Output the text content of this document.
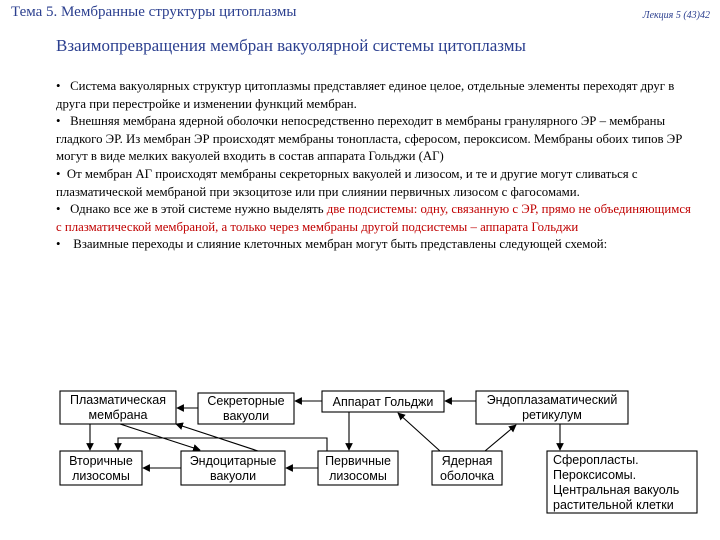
Тема 5. Мембранные структуры цитоплазмы	Лекция 5 (43)42
Взаимопревращения мембран вакуолярной системы цитоплазмы

• Система вакуолярных структур цитоплазмы представляет единое целое, отдельные элементы переходят друг в друга при перестройке и изменении функций мембран.

• Внешняя мембрана ядерной оболочки непосредственно переходит в мембраны гранулярного ЭР – мембраны гладкого ЭР. Из мембран ЭР происходят мембраны тонопласта, сферосом, пероксисом. Мембраны обоих типов ЭР могут в виде мелких вакуолей входить в состав аппарата Гольджи (АГ)

• От мембран АГ происходят мембраны секреторных вакуолей и лизосом, и те и другие могут сливаться с плазматической мембраной при экзоцитозе или при слиянии первичных лизосом с фагосомами.

• Однако все же в этой системе нужно выделять две подсистемы: одну, связанную с ЭР, прямо не объединяющимся с плазматической мембраной, а только через мембраны другой подсистемы – аппарата Гольджи

• Взаимные переходы и слияние клеточных мембран могут быть представлены следующей схемой:

Плазматическая
мембрана
Секреторные
вакуоли
Аппарат Гольджи	Эндоплазаматический
ретикулум
Вторичные
лизосомы
Эндоцитарные
вакуоли
Первичные
лизосомы
Ядерная
оболочка
Сферопласты.
Пероксисомы.
Центральная вакуоль
растительной клетки
